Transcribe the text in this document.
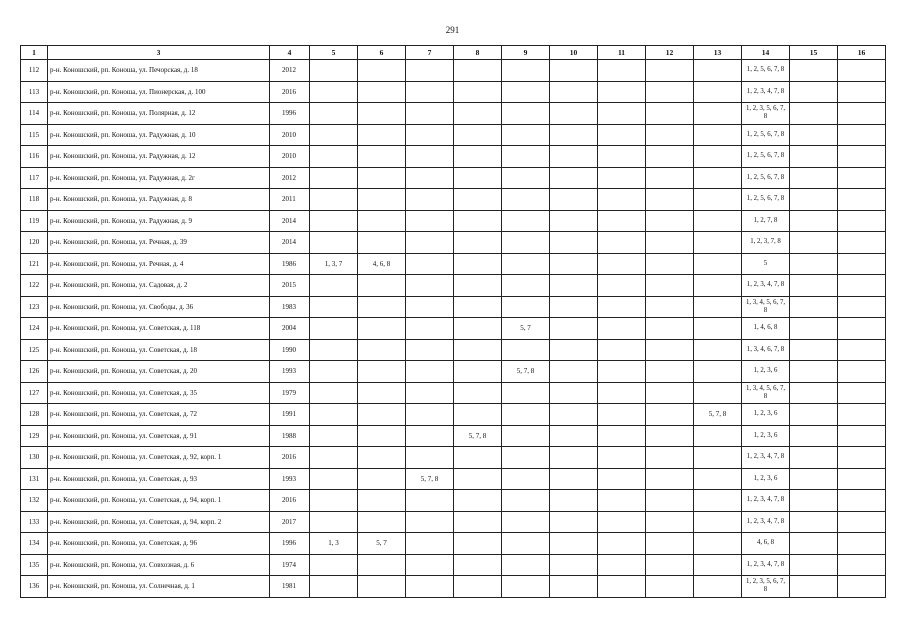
291
1	3	4	5	6	7	8	9	10	11	12	13	14	15	16
112	р-н. Коношский, рп. Коноша, ул. Печорская, д. 18	2012										1, 2, 5, 6, 7, 8		
113	р-н. Коношский, рп. Коноша, ул. Пионерская, д. 100	2016										1, 2, 3, 4, 7, 8		
114	р-н. Коношский, рп. Коноша, ул. Полярная, д. 12	1996										1, 2, 3, 5, 6, 7, 8		
115	р-н. Коношский, рп. Коноша, ул. Радужная, д. 10	2010										1, 2, 5, 6, 7, 8		
116	р-н. Коношский, рп. Коноша, ул. Радужная, д. 12	2010										1, 2, 5, 6, 7, 8		
117	р-н. Коношский, рп. Коноша, ул. Радужная, д. 2г	2012										1, 2, 5, 6, 7, 8		
118	р-н. Коношский, рп. Коноша, ул. Радужная, д. 8	2011										1, 2, 5, 6, 7, 8		
119	р-н. Коношский, рп. Коноша, ул. Радужная, д. 9	2014										1, 2, 7, 8		
120	р-н. Коношский, рп. Коноша, ул. Речная, д. 39	2014										1, 2, 3, 7, 8		
121	р-н. Коношский, рп. Коноша, ул. Речная, д. 4	1986	1, 3, 7	4, 6, 8								5		
122	р-н. Коношский, рп. Коноша, ул. Садовая, д. 2	2015										1, 2, 3, 4, 7, 8		
123	р-н. Коношский, рп. Коноша, ул. Свободы, д. 36	1983										1, 3, 4, 5, 6, 7, 8		
124	р-н. Коношский, рп. Коноша, ул. Советская, д. 118	2004					5, 7					1, 4, 6, 8		
125	р-н. Коношский, рп. Коноша, ул. Советская, д. 18	1990										1, 3, 4, 6, 7, 8		
126	р-н. Коношский, рп. Коноша, ул. Советская, д. 20	1993					5, 7, 8					1, 2, 3, 6		
127	р-н. Коношский, рп. Коноша, ул. Советская, д. 35	1979										1, 3, 4, 5, 6, 7, 8		
128	р-н. Коношский, рп. Коноша, ул. Советская, д. 72	1991									5, 7, 8	1, 2, 3, 6		
129	р-н. Коношский, рп. Коноша, ул. Советская, д. 91	1988				5, 7, 8						1, 2, 3, 6		
130	р-н. Коношский, рп. Коноша, ул. Советская, д. 92, корп. 1	2016										1, 2, 3, 4, 7, 8		
131	р-н. Коношский, рп. Коноша, ул. Советская, д. 93	1993			5, 7, 8							1, 2, 3, 6		
132	р-н. Коношский, рп. Коноша, ул. Советская, д. 94, корп. 1	2016										1, 2, 3, 4, 7, 8		
133	р-н. Коношский, рп. Коноша, ул. Советская, д. 94, корп. 2	2017										1, 2, 3, 4, 7, 8		
134	р-н. Коношский, рп. Коноша, ул. Советская, д. 96	1996	1, 3	5, 7								4, 6, 8		
135	р-н. Коношский, рп. Коноша, ул. Совхозная, д. 6	1974										1, 2, 3, 4, 7, 8		
136	р-н. Коношский, рп. Коноша, ул. Солнечная, д. 1	1981										1, 2, 3, 5, 6, 7, 8		
